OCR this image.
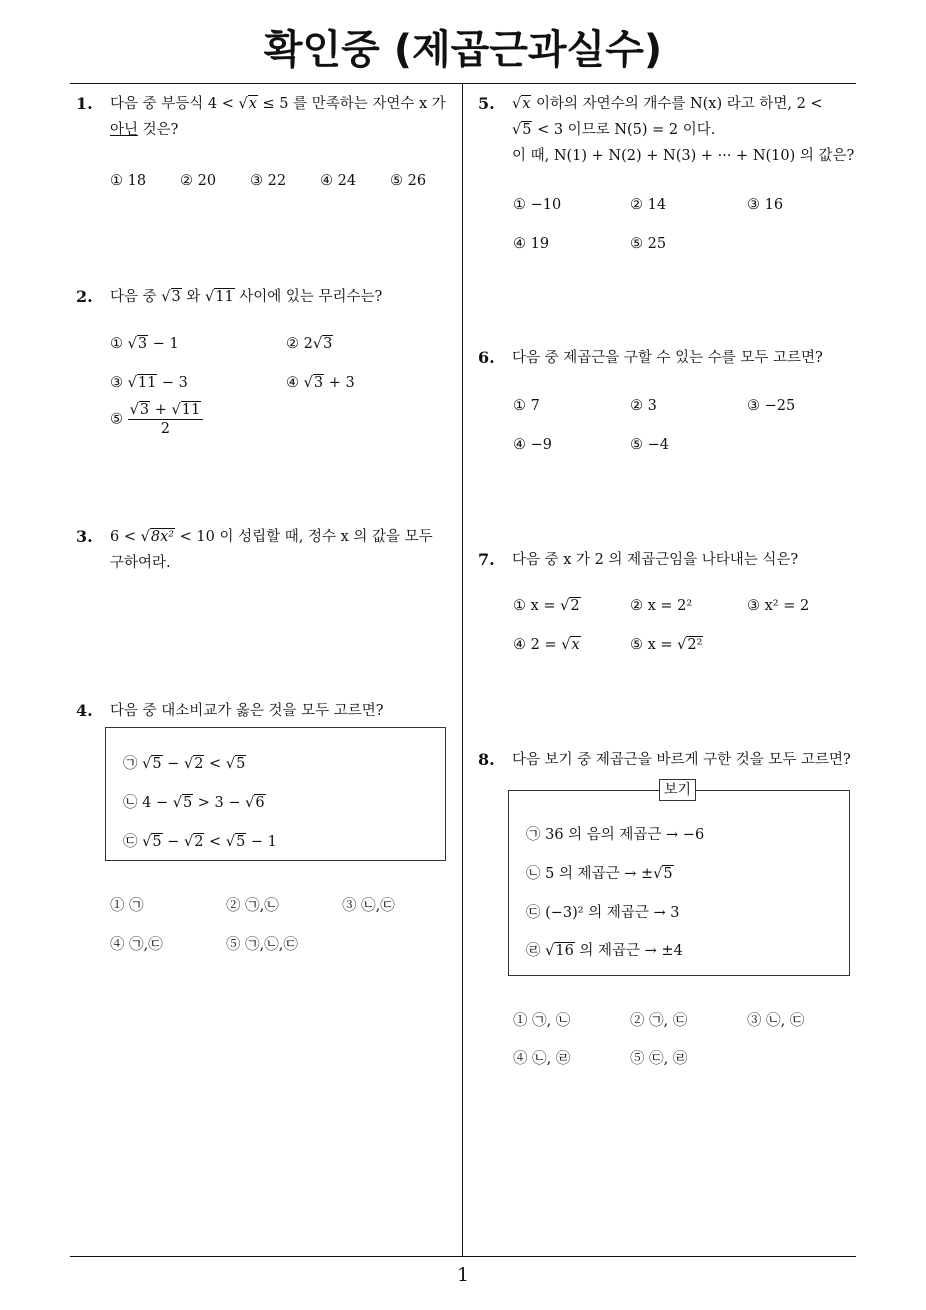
확인중 (제곱근과실수)
1
1. 다음 중 부등식 4 < √x ≤ 5 를 만족하는 자연수 x 가

아닌 것은?

① 18 ② 20 ③ 22 ④ 24 ⑤ 26
2. 다음 중 √3 와 √11 사이에 있는 무리수는?

① √3 − 1	② 2√3
③ √11 − 3	④ √3 + 3
⑤ $\frac{√3 + √11}{2}$
3. 6 < √8x² < 10 이 성립할 때, 정수 x 의 값을 모두

구하여라.

4. 다음 중 대소비교가 옳은 것을 모두 고르면?
㉠ √5 − √2 < √5
㉡ 4 − √5 > 3 − √6
㉢ √5 − √2 < √5 − 1
① ㉠	② ㉠,㉡	③ ㉡,㉢
④ ㉠,㉢	⑤ ㉠,㉡,㉢
5. √x 이하의 자연수의 개수를 N(x) 라고 하면, 2 <

√5 < 3 이므로 N(5) = 2 이다.

이 때, N(1) + N(2) + N(3) + ··· + N(10) 의 값은?

① −10	② 14	③ 16
④ 19	⑤ 25
6. 다음 중 제곱근을 구할 수 있는 수를 모두 고르면?
① 7	② 3	③ −25
④ −9	⑤ −4
7. 다음 중 x 가 2 의 제곱근임을 나타내는 식은?
① x = √2	② x = 2²	③ x² = 2
④ 2 = √x	⑤ x = √2²
8. 다음 보기 중 제곱근을 바르게 구한 것을 모두 고르면?
보기
㉠ 36 의 음의 제곱근 → −6
㉡ 5 의 제곱근 → ±√5
㉢ (−3)² 의 제곱근 → 3
㉣ √16 의 제곱근 → ±4
① ㉠, ㉡	② ㉠, ㉢	③ ㉡, ㉢
④ ㉡, ㉣	⑤ ㉢, ㉣
